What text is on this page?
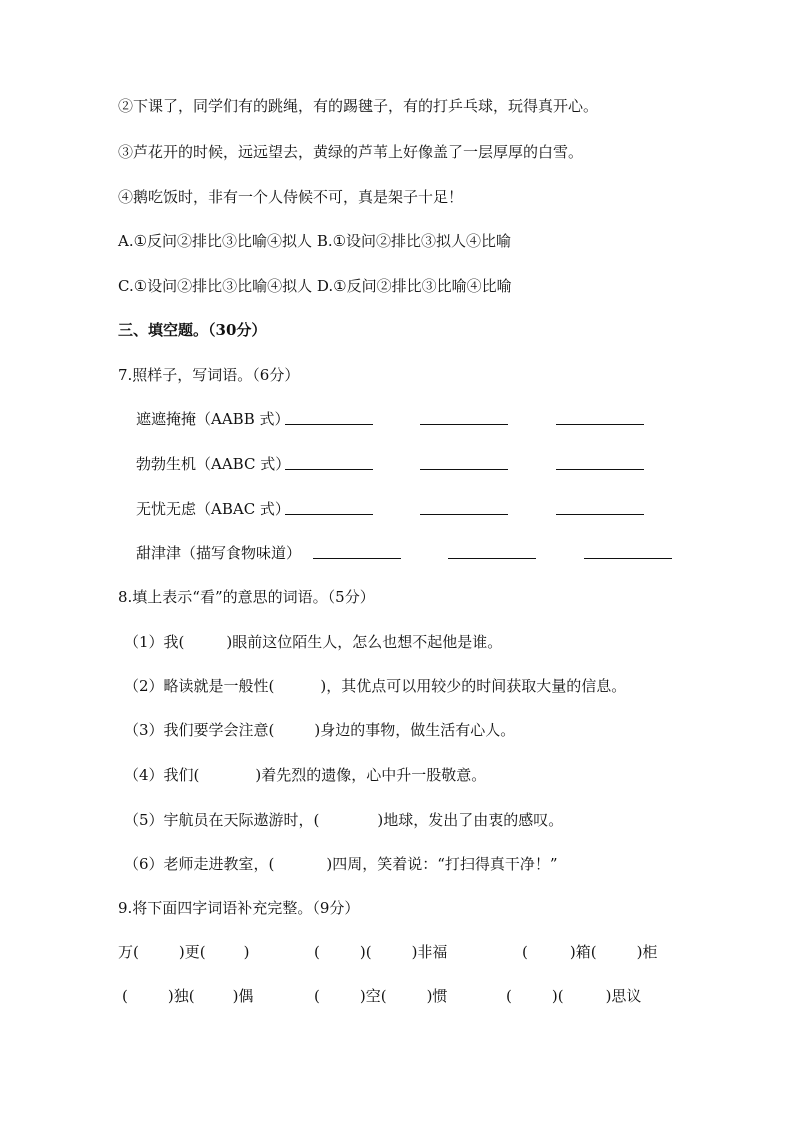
②下课了，同学们有的跳绳，有的踢毽子，有的打乒乓球，玩得真开心。
③芦花开的时候，远远望去，黄绿的芦苇上好像盖了一层厚厚的白雪。
④鹅吃饭时，非有一个人侍候不可，真是架子十足！
A.①反问②排比③比喻④拟人 B.①设问②排比③拟人④比喻
C.①设问②排比③比喻④拟人 D.①反问②排比③比喻④比喻
三、填空题。（30分）
7.照样子，写词语。（6分）
遮遮掩掩（AABB 式）
勃勃生机（AABC 式）
无忧无虑（ABAC 式）
甜津津（描写食物味道）
8.填上表示“看”的意思的词语。（5分）
（1）我(	)眼前这位陌生人，怎么也想不起他是谁。
（2）略读就是一般性(	)，其优点可以用较少的时间获取大量的信息。
（3）我们要学会注意(	)身边的事物，做生活有心人。
（4）我们(	)着先烈的遗像，心中升一股敬意。
（5）宇航员在天际遨游时，(	)地球，发出了由衷的感叹。
（6）老师走进教室，(	)四周，笑着说：“打扫得真干净！”
9.将下面四字词语补充完整。（9分）
万(	)更(	)	(	)(	)非福	(	)箱(	)柜
(	)独(	)偶	(	)空(	)惯	(	)(	)思议
